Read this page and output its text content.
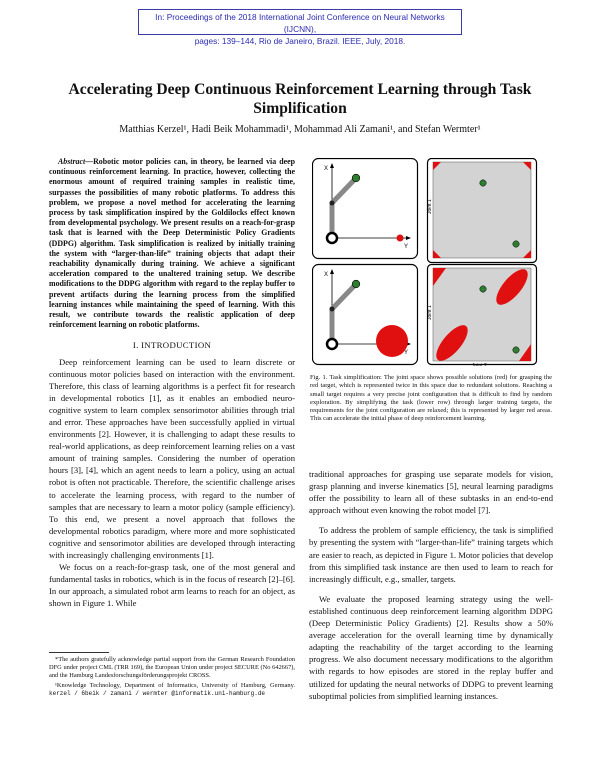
In: Proceedings of the 2018 International Joint Conference on Neural Networks (IJCNN),
pages: 139–144, Rio de Janeiro, Brazil. IEEE, July, 2018.
Accelerating Deep Continuous Reinforcement Learning through Task
Simplification
Matthias Kerzel¹, Hadi Beik Mohammadi¹, Mohammad Ali Zamani¹, and Stefan Wermter¹

Abstract—Robotic motor policies can, in theory, be learned via deep continuous reinforcement learning. In practice, however, collecting the enormous amount of required training samples in realistic time, surpasses the possibilities of many robotic platforms. To address this problem, we propose a novel method for accelerating the learning process by task simplification inspired by the Goldilocks effect known from developmental psychology. We present results on a reach-for-grasp task that is learned with the Deep Deterministic Policy Gradients (DDPG) algorithm. Task simplification is realized by initially training the system with “larger-than-life” training objects that adapt their reachability dynamically during training. We achieve a significant acceleration compared to the unaltered training setup. We describe modifications to the DDPG algorithm with regard to the replay buffer to prevent artifacts during the learning process from the simplified learning instances while maintaining the speed of learning. With this result, we contribute towards the realistic application of deep reinforcement learning on robotic platforms.

I. INTRODUCTION

Deep reinforcement learning can be used to learn discrete or continuous motor policies based on interaction with the environment. Therefore, this class of learning algorithms is a perfect fit for research in developmental robotics [1], as it enables an embodied neuro-cognitive system to learn complex sensorimotor abilities through trial and error. These approaches have been successfully applied in virtual environments [2]. However, it is challenging to adapt these results to real-world applications, as deep reinforcement learning relies on a vast amount of training samples. Considering the number of operation hours [3], [4], which an agent needs to learn a policy, using an actual robot is often not practicable. Therefore, the scientific challenge arises to accelerate the learning process, with regard to the number of samples that are necessary to learn a motor policy (sample efficiency). To this end, we present a novel approach that follows the developmental robotics paradigm, where more and more sophisticated cognitive and sensorimotor abilities are developed through interacting with increasingly challenging environments [1].

We focus on a reach-for-grasp task, one of the most general and fundamental tasks in robotics, which is in the focus of research [2]–[6]. In our approach, a simulated robot arm learns to reach for an object, as shown in Figure 1. While

*The authors gratefully acknowledge partial support from the German Research Foundation DFG under project CML (TRR 169), the European Union under project SECURE (No 642667), and the Hamburg Landesforschungsförderungsprojekt CROSS.

¹Knowledge Technology, Department of Informatics, University of Hamburg, Germany. kerzel / 6beik / zamani / wermter @informatik.uni-hamburg.de

X
Y
Joint 1
X
Y
Joint 1
Joint 2
Fig. 1. Task simplification: The joint space shows possible solutions (red) for grasping the red target, which is represented twice in this space due to redundant solutions. Reaching a small target requires a very precise joint configuration that is difficult to find by random exploration. By simplifying the task (lower row) through larger training targets, the requirements for the joint configuration are relaxed; this is represented by larger red areas. This can accelerate the initial phase of deep reinforcement learning.

traditional approaches for grasping use separate models for vision, grasp planning and inverse kinematics [5], neural learning paradigms offer the possibility to learn all of these subtasks in an end-to-end approach without even knowing the robot model [7].

To address the problem of sample efficiency, the task is simplified by presenting the system with “larger-than-life” training targets which are easier to reach, as depicted in Figure 1. Motor policies that develop from this simplified task instance are then used to learn to reach for increasingly difficult, e.g., smaller, targets.

We evaluate the proposed learning strategy using the well-established continuous deep reinforcement learning algorithm DDPG (Deep Deterministic Policy Gradients) [2]. Results show a 50% average acceleration for the overall learning time by dynamically adapting the reachability of the target according to the learning progress. We also document necessary modifications to the algorithm with regards to how episodes are stored in the replay buffer and utilized for updating the neural networks of DDPG to prevent learning suboptimal policies from simplified learning instances.
